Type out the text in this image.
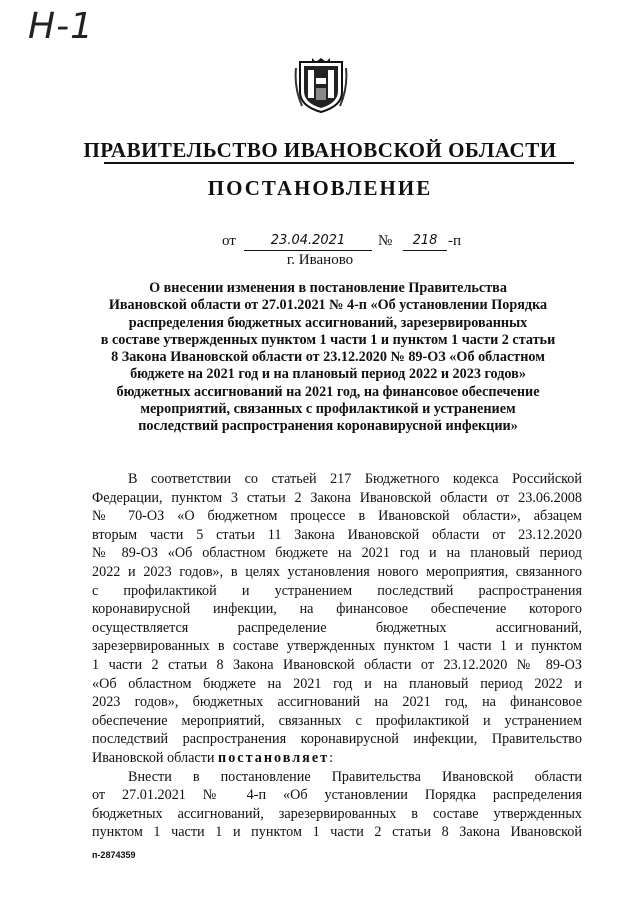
Н-1
ПРАВИТЕЛЬСТВО ИВАНОВСКОЙ ОБЛАСТИ
ПОСТАНОВЛЕНИЕ
от	23.04.2021	№	218 -п
г. Иваново
О внесении изменения в постановление Правительства
Ивановской области от 27.01.2021 № 4-п «Об установлении Порядка
распределения бюджетных ассигнований, зарезервированных
в составе утвержденных пунктом 1 части 1 и пунктом 1 части 2 статьи
8 Закона Ивановской области от 23.12.2020 № 89-ОЗ «Об областном
бюджете на 2021 год и на плановый период 2022 и 2023 годов»
бюджетных ассигнований на 2021 год, на финансовое обеспечение
мероприятий, связанных с профилактикой и устранением
последствий распространения коронавирусной инфекции»
В соответствии со статьей 217 Бюджетного кодекса Российской
Федерации, пунктом 3 статьи 2 Закона Ивановской области от 23.06.2008
№ 70-ОЗ «О бюджетном процессе в Ивановской области», абзацем
вторым части 5 статьи 11 Закона Ивановской области от 23.12.2020
№ 89-ОЗ «Об областном бюджете на 2021 год и на плановый период
2022 и 2023 годов», в целях установления нового мероприятия, связанного
с профилактикой и устранением последствий распространения
коронавирусной инфекции, на финансовое обеспечение которого
осуществляется распределение бюджетных ассигнований,
зарезервированных в составе утвержденных пунктом 1 части 1 и пунктом
1 части 2 статьи 8 Закона Ивановской области от 23.12.2020 № 89-ОЗ
«Об областном бюджете на 2021 год и на плановый период 2022 и
2023 годов», бюджетных ассигнований на 2021 год, на финансовое
обеспечение мероприятий, связанных с профилактикой и устранением
последствий распространения коронавирусной инфекции, Правительство
Ивановской области постановляет:
Внести в постановление Правительства Ивановской области
от 27.01.2021 № 4-п «Об установлении Порядка распределения
бюджетных ассигнований, зарезервированных в составе утвержденных
пунктом 1 части 1 и пунктом 1 части 2 статьи 8 Закона Ивановской
п-2874359
